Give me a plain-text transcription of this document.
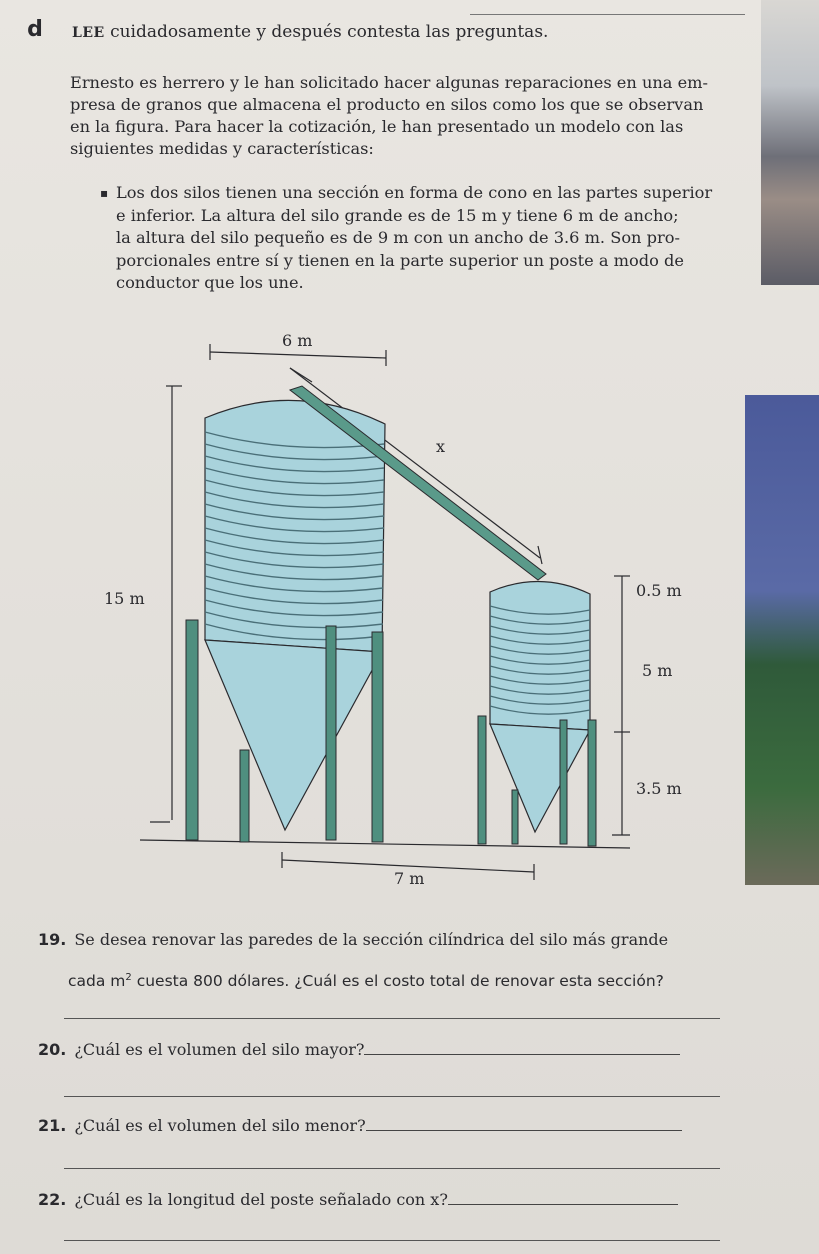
d	LEE cuidadosamente y después contesta las preguntas.
Ernesto es herrero y le han solicitado hacer algunas reparaciones en una em-
presa de granos que almacena el producto en silos como los que se observan
en la figura. Para hacer la cotización, le han presentado un modelo con las
siguientes medidas y características:
▪ Los dos silos tienen una sección en forma de cono en las partes superior
e inferior. La altura del silo grande es de 15 m y tiene 6 m de ancho;
la altura del silo pequeño es de 9 m con un ancho de 3.6 m. Son pro-
porcionales entre sí y tienen en la parte superior un poste a modo de
conductor que los une.
6 m
15 m
x
0.5 m
5 m
3.5 m
7 m
19. Se desea renovar las paredes de la sección cilíndrica del silo más grande
cada $m^2$ cuesta 800 dólares. ¿Cuál es el costo total de renovar esta sección?
20. ¿Cuál es el volumen del silo mayor?
21. ¿Cuál es el volumen del silo menor?
22. ¿Cuál es la longitud del poste señalado con x?
